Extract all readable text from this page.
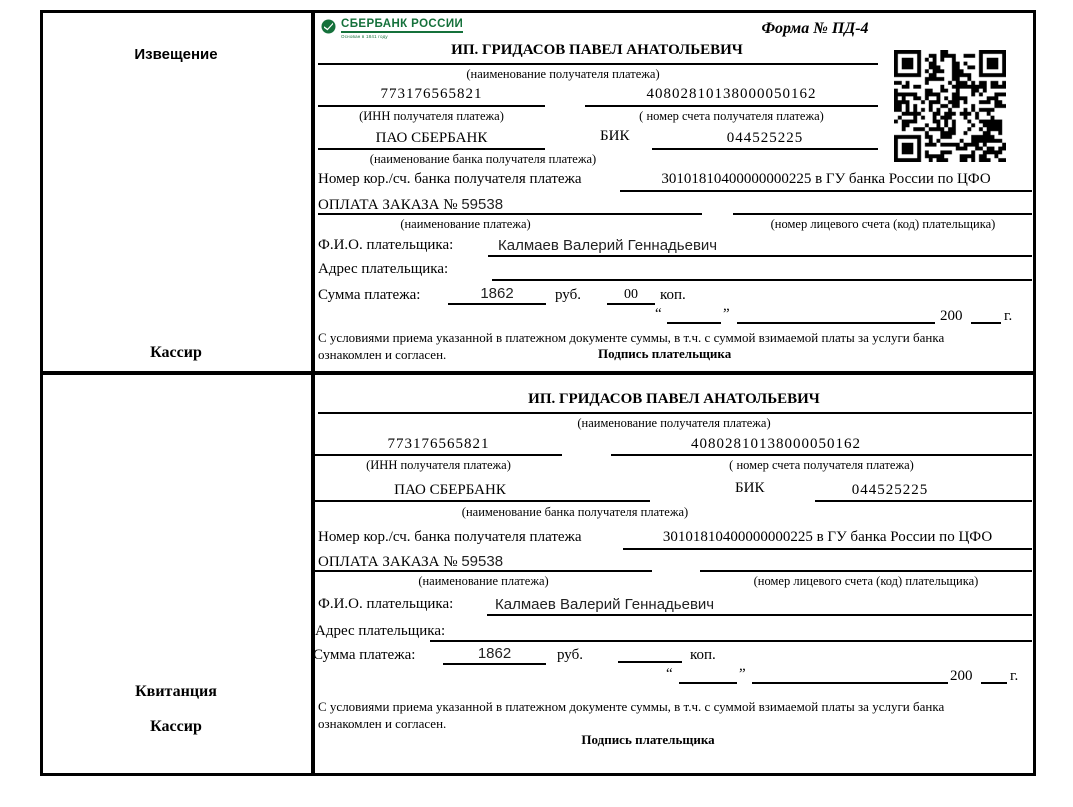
Извещение
Кассир
Квитанция
Кассир
СБЕРБАНК РОССИИ
Основан в 1841 году	Форма № ПД-4
ИП. ГРИДАСОВ ПАВЕЛ АНАТОЛЬЕВИЧ
(наименование получателя платежа)
773176565821	40802810138000050162
(ИНН получателя платежа)	( номер счета получателя платежа)
ПАО СБЕРБАНК	БИК	044525225
(наименование банка получателя платежа)
Номер кор./сч. банка получателя платежа	30101810400000000225 в ГУ банка России по ЦФО
ОПЛАТА ЗАКАЗА № 59538
(наименование платежа)	(номер лицевого счета (код) плательщика)
Ф.И.О. плательщика:	Калмаев Валерий Геннадьевич
Адрес плательщика:
Сумма платежа:	1862	руб.	00	коп.
“	”	200	г.
С условиями приема указанной в платежном документе суммы, в т.ч. с суммой взимаемой платы за услуги банка
ознакомлен и согласен.	Подпись плательщика
ИП. ГРИДАСОВ ПАВЕЛ АНАТОЛЬЕВИЧ
(наименование получателя платежа)
773176565821	40802810138000050162
(ИНН получателя платежа)	( номер счета получателя платежа)
ПАО СБЕРБАНК	БИК	044525225
(наименование банка получателя платежа)
Номер кор./сч. банка получателя платежа	30101810400000000225 в ГУ банка России по ЦФО
ОПЛАТА ЗАКАЗА № 59538
(наименование платежа)	(номер лицевого счета (код) плательщика)
Ф.И.О. плательщика:	Калмаев Валерий Геннадьевич
Адрес плательщика:
Сумма платежа:	1862	руб.	коп.
“	”	200	г.
С условиями приема указанной в платежном документе суммы, в т.ч. с суммой взимаемой платы за услуги банка
ознакомлен и согласен.
Подпись плательщика
